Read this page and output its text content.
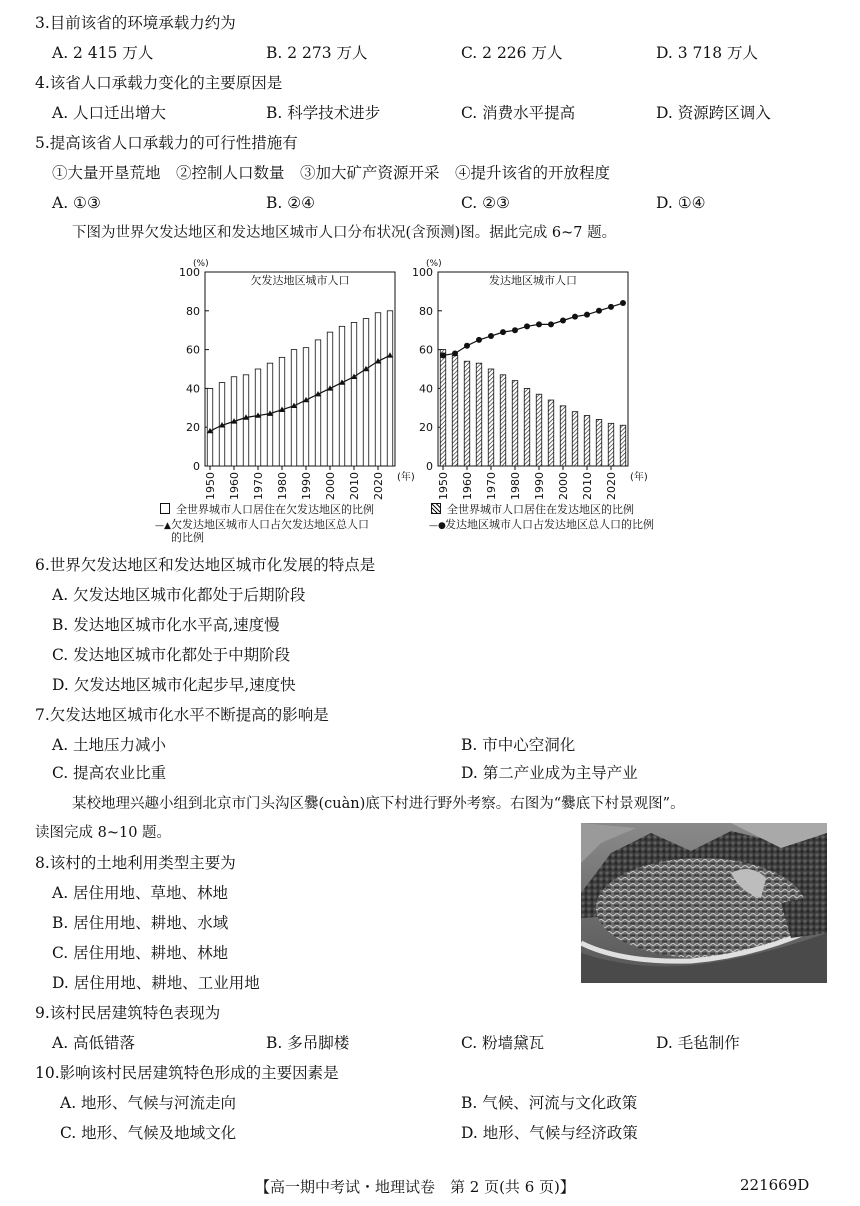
3.目前该省的环境承载力约为
A. 2 415 万人	B. 2 273 万人	C. 2 226 万人	D. 3 718 万人
4.该省人口承载力变化的主要原因是
A. 人口迁出增大	B. 科学技术进步	C. 消费水平提高	D. 资源跨区调入
5.提高该省人口承载力的可行性措施有
①大量开垦荒地　②控制人口数量　③加大矿产资源开采　④提升该省的开放程度
A. ①③	B. ②④	C. ②③	D. ①④
下图为世界欠发达地区和发达地区城市人口分布状况(含预测)图。据此完成 6~7 题。
欠发达地区城市人口
(%)
0
20
40
60
80
100
1950 1960 1970 1980 1990 2000 2010 2020 (年)
发达地区城市人口
(%)
0
20
40
60
80
100
1950 1960 1970 1980 1990 2000 2010 2020 (年)
全世界城市人口居住在欠发达地区的比例	全世界城市人口居住在发达地区的比例
—▲欠发达地区城市人口占欠发达地区总人口
的比例
—●发达地区城市人口占发达地区总人口的比例
6.世界欠发达地区和发达地区城市化发展的特点是
A. 欠发达地区城市化都处于后期阶段
B. 发达地区城市化水平高,速度慢
C. 发达地区城市化都处于中期阶段
D. 欠发达地区城市化起步早,速度快
7.欠发达地区城市化水平不断提高的影响是
A. 土地压力减小	B. 市中心空洞化
C. 提高农业比重	D. 第二产业成为主导产业
某校地理兴趣小组到北京市门头沟区爨(cuàn)底下村进行野外考察。右图为“爨底下村景观图”。
读图完成 8~10 题。
8.该村的土地利用类型主要为
A. 居住用地、草地、林地
B. 居住用地、耕地、水域
C. 居住用地、耕地、林地
D. 居住用地、耕地、工业用地
9.该村民居建筑特色表现为
A. 高低错落	B. 多吊脚楼	C. 粉墙黛瓦	D. 毛毡制作
10.影响该村民居建筑特色形成的主要因素是
A. 地形、气候与河流走向	B. 气候、河流与文化政策
C. 地形、气候及地域文化	D. 地形、气候与经济政策
【高一期中考试・地理试卷　第 2 页(共 6 页)】	221669D
